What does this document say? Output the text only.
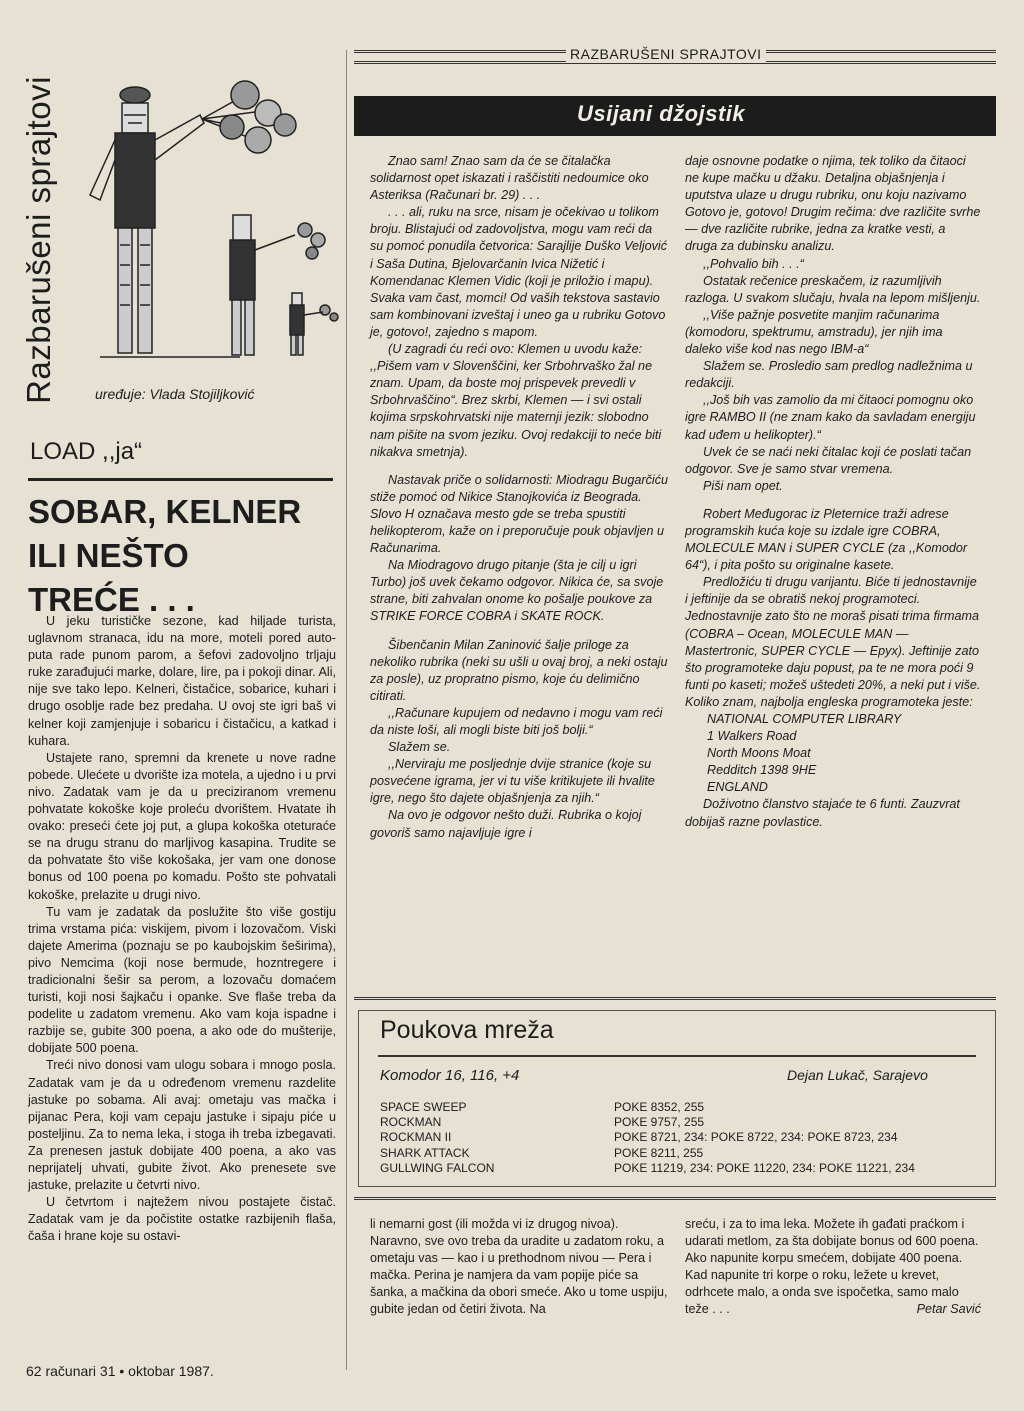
Razbarušeni sprajtovi	uređuje: Vlada Stojiljković
RAZBARUŠENI SPRAJTOVI
Usijani džojstik
LOAD ,,ja“
SOBAR, KELNER
ILI NEŠTO
TREĆE . . .

U jeku turističke sezone, kad hiljade turista, uglavnom stranaca, idu na more, moteli pored auto-puta rade punom parom, a šefovi zadovoljno trljaju ruke zarađujući marke, dolare, lire, pa i pokoji dinar. Ali, nije sve tako lepo. Kelneri, čistačice, sobarice, kuhari i drugo osoblje rade bez predaha. U ovoj ste igri baš vi kelner koji zamjenjuje i sobaricu i čistačicu, a katkad i kuhara.

Ustajete rano, spremni da krenete u nove radne pobede. Ulećete u dvorište iza motela, a ujedno i u prvi nivo. Zadatak vam je da u preciziranom vremenu pohvatate kokoške koje proleću dvorištem. Hvatate ih ovako: preseći ćete joj put, a glupa kokoška oteturaće se na drugu stranu do marljivog kasapina. Trudite se da pohvatate što više kokošaka, jer vam one donose bonus od 100 poena po komadu. Pošto ste pohvatali kokoške, prelazite u drugi nivo.

Tu vam je zadatak da poslužite što više gostiju trima vrstama pića: viskijem, pivom i lozovačom. Viski dajete Amerima (poznaju se po kaubojskim šeširima), pivo Nemcima (koji nose bermude, hozntregere i tradicionalni šešir sa perom, a lozovaču domaćem turisti, koji nosi šajkaču i opanke. Sve flaše treba da podelite u zadatom vremenu. Ako vam koja ispadne i razbije se, gubite 300 poena, a ako ode do mušterije, dobijate 500 poena.

Treći nivo donosi vam ulogu sobara i mnogo posla. Zadatak vam je da u određenom vremenu razdelite jastuke po sobama. Ali avaj: ometaju vas mačka i pijanac Pera, koji vam cepaju jastuke i sipaju piće u posteljinu. Za to nema leka, i stoga ih treba izbegavati. Za prenesen jastuk dobijate 400 poena, a ako vas neprijatelj uhvati, gubite život. Ako prenesete sve jastuke, prelazite u četvrti nivo.

U četvrtom i najtežem nivou postajete čistač. Zadatak vam je da počistite ostatke razbijenih flaša, čaša i hrane koje su ostavi-

Znao sam! Znao sam da će se čitalačka solidarnost opet iskazati i raščistiti nedoumice oko Asteriksa (Računari br. 29) . . .

. . . ali, ruku na srce, nisam je očekivao u tolikom broju. Blistajući od zadovoljstva, mogu vam reći da su pomoć ponudila četvorica: Sarajlije Duško Veljović i Saša Dutina, Bjelovarčanin Ivica Nižetić i Komendanac Klemen Vidic (koji je priložio i mapu). Svaka vam čast, momci! Od vaših tekstova sastavio sam kombinovani izveštaj i uneo ga u rubriku Gotovo je, gotovo!, zajedno s mapom.

(U zagradi ću reći ovo: Klemen u uvodu kaže: ,,Pišem vam v Slovenščini, ker Srbohrvaško žal ne znam. Upam, da boste moj prispevek prevedli v Srbohrvaščino“. Brez skrbi, Klemen — i svi ostali kojima srpskohrvatski nije maternji jezik: slobodno nam pišite na svom jeziku. Ovoj redakciji to neće biti nikakva smetnja).

Nastavak priče o solidarnosti: Miodragu Bugarčiću stiže pomoć od Nikice Stanojkovića iz Beograda. Slovo H označava mesto gde se treba spustiti helikopterom, kaže on i preporučuje pouk objavljen u Računarima.

Na Miodragovo drugo pitanje (šta je cilj u igri Turbo) još uvek čekamo odgovor. Nikica će, sa svoje strane, biti zahvalan onome ko pošalje poukove za STRIKE FORCE COBRA i SKATE ROCK.

Šibenčanin Milan Zaninović šalje priloge za nekoliko rubrika (neki su ušli u ovaj broj, a neki ostaju za posle), uz propratno pismo, koje ću delimično citirati.

,,Računare kupujem od nedavno i mogu vam reći da niste loši, ali mogli biste biti još bolji.“

Slažem se.

,,Nerviraju me posljednje dvije stranice (koje su posvećene igrama, jer vi tu više kritikujete ili hvalite igre, nego što dajete objašnjenja za njih.“

Na ovo je odgovor nešto duži. Rubrika o kojoj govoriš samo najavljuje igre i

daje osnovne podatke o njima, tek toliko da čitaoci ne kupe mačku u džaku. Detaljna objašnjenja i uputstva ulaze u drugu rubriku, onu koju nazivamo Gotovo je, gotovo! Drugim rečima: dve različite svrhe — dve različite rubrike, jedna za kratke vesti, a druga za dubinsku analizu.

,,Pohvalio bih . . .“

Ostatak rečenice preskačem, iz razumljivih razloga. U svakom slučaju, hvala na lepom mišljenju.

,,Više pažnje posvetite manjim računarima (komodoru, spektrumu, amstradu), jer njih ima daleko više kod nas nego IBM-a“

Slažem se. Prosledio sam predlog nadležnima u redakciji.

,,Još bih vas zamolio da mi čitaoci pomognu oko igre RAMBO II (ne znam kako da savladam energiju kad uđem u helikopter).“

Uvek će se naći neki čitalac koji će poslati tačan odgovor. Sve je samo stvar vremena.

Piši nam opet.

Robert Međugorac iz Pleternice traži adrese programskih kuća koje su izdale igre COBRA, MOLECULE MAN i SUPER CYCLE (za ,,Komodor 64“), i pita pošto su originalne kasete.

Predložiću ti drugu varijantu. Biće ti jednostavnije i jeftinije da se obratiš nekoj programoteci. Jednostavnije zato što ne moraš pisati trima firmama (COBRA – Ocean, MOLECULE MAN — Mastertronic, SUPER CYCLE — Epyx). Jeftinije zato što programoteke daju popust, pa te ne mora poći 9 funti po kaseti; možeš uštedeti 20%, a neki put i više. Koliko znam, najbolja engleska programoteka jeste:

NATIONAL COMPUTER LIBRARY
1 Walkers Road
North Moons Moat
Redditch 1398 9HE
ENGLAND

Doživotno članstvo stajaće te 6 funti. Zauzvrat dobijaš razne povlastice.

Poukova mreža
Komodor 16, 116, +4	Dejan Lukač, Sarajevo
SPACE SWEEP	POKE 8352, 255
ROCKMAN	POKE 9757, 255
ROCKMAN II	POKE 8721, 234: POKE 8722, 234: POKE 8723, 234
SHARK ATTACK	POKE 8211, 255
GULLWING FALCON	POKE 11219, 234: POKE 11220, 234: POKE 11221, 234

li nemarni gost (ili možda vi iz drugog nivoa). Naravno, sve ovo treba da uradite u zadatom roku, a ometaju vas — kao i u prethodnom nivou — Pera i mačka. Perina je namjera da vam popije piće sa šanka, a mačkina da obori smeće. Ako u tome uspiju, gubite jedan od četiri života. Na

sreću, i za to ima leka. Možete ih gađati praćkom i udarati metlom, za šta dobijate bonus od 600 poena. Ako napunite korpu smećem, dobijate 400 poena. Kad napunite tri korpe o roku, ležete u krevet, odrhcete malo, a onda sve ispočetka, samo malo teže . . .	Petar Savić

62 računari 31 • oktobar 1987.
